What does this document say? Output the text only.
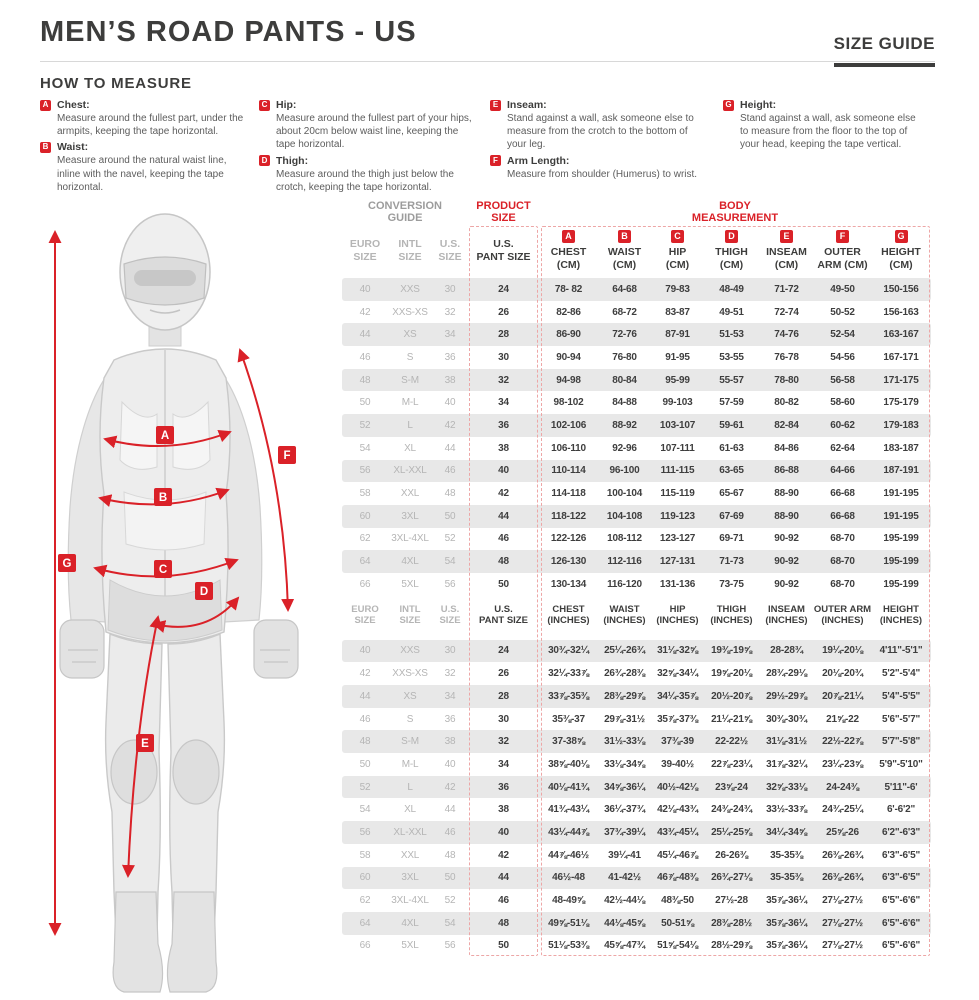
MEN’S ROAD PANTS - US	SIZE GUIDE
HOW TO MEASURE
A Chest:
Measure around the fullest part, under the armpits, keeping the tape horizontal.
B Waist:
Measure around the natural waist line, inline with the navel, keeping the tape horizontal.
C Hip:
Measure around the fullest part of your hips, about 20cm below waist line, keeping the tape horizontal.
D Thigh:
Measure around the thigh just below the crotch, keeping the tape horizontal.
E Inseam:
Stand against a wall, ask someone else to measure from the crotch to the bottom of your leg.
F Arm Length:
Measure from shoulder (Humerus) to wrist.
G Height:
Stand against a wall, ask someone else to measure from the floor to the top of your head, keeping the tape vertical.
A
B
C
D
E
F
G
CONVERSION
GUIDE
PRODUCT
SIZE
BODY
MEASUREMENT
EURO
SIZE
INTL
SIZE
U.S.
SIZE
U.S.
PANT SIZE
A
CHEST
(CM)
B
WAIST
(CM)
C
HIP
(CM)
D
THIGH
(CM)
E
INSEAM
(CM)
F
OUTER
ARM (CM)
G
HEIGHT
(CM)
40	XXS	30	24	78- 82	64-68	79-83	48-49	71-72	49-50	150-156
42	XXS-XS	32	26	82-86	68-72	83-87	49-51	72-74	50-52	156-163
44	XS	34	28	86-90	72-76	87-91	51-53	74-76	52-54	163-167
46	S	36	30	90-94	76-80	91-95	53-55	76-78	54-56	167-171
48	S-M	38	32	94-98	80-84	95-99	55-57	78-80	56-58	171-175
50	M-L	40	34	98-102	84-88	99-103	57-59	80-82	58-60	175-179
52	L	42	36	102-106	88-92	103-107	59-61	82-84	60-62	179-183
54	XL	44	38	106-110	92-96	107-111	61-63	84-86	62-64	183-187
56	XL-XXL	46	40	110-114	96-100	111-115	63-65	86-88	64-66	187-191
58	XXL	48	42	114-118	100-104	115-119	65-67	88-90	66-68	191-195
60	3XL	50	44	118-122	104-108	119-123	67-69	88-90	66-68	191-195
62	3XL-4XL	52	46	122-126	108-112	123-127	69-71	90-92	68-70	195-199
64	4XL	54	48	126-130	112-116	127-131	71-73	90-92	68-70	195-199
66	5XL	56	50	130-134	116-120	131-136	73-75	90-92	68-70	195-199
EURO
SIZE
INTL
SIZE
U.S.
SIZE
U.S.
PANT SIZE
CHEST
(INCHES)
WAIST
(INCHES)
HIP
(INCHES)
THIGH
(INCHES)
INSEAM
(INCHES)
OUTER ARM
(INCHES)
HEIGHT
(INCHES)
40	XXS	30	24	30¾-32¼	25¼-26¾	31⅛-32⅝	19⅜-19⅝	28-28¾	19¼-20⅛	4'11"-5'1"
42	XXS-XS	32	26	32¼-33⅞	26¾-28⅜	32⅝-34¼	19⅝-20⅛	28¾-29⅛	20⅛-20¾	5'2"-5'4"
44	XS	34	28	33⅞-35⅜	28⅜-29⅞	34¼-35⅞	20½-20⅞	29½-29⅞	20⅞-21¼	5'4"-5'5"
46	S	36	30	35⅜-37	29⅞-31½	35⅞-37⅜	21¼-21⅝	30⅜-30¾	21⅝-22	5'6"-5'7"
48	S-M	38	32	37-38⅝	31½-33⅛	37⅜-39	22-22½	31⅛-31½	22½-22⅞	5'7"-5'8"
50	M-L	40	34	38⅝-40⅛	33⅛-34⅝	39-40½	22⅞-23¼	31⅞-32¼	23¼-23⅝	5'9"-5'10"
52	L	42	36	40⅛-41¾	34⅝-36¼	40½-42⅛	23⅝-24	32⅝-33⅛	24-24⅜	5'11"-6'
54	XL	44	38	41¾-43¼	36¼-37¾	42⅛-43¾	24⅜-24¾	33½-33⅞	24¾-25¼	6'-6'2"
56	XL-XXL	46	40	43¼-44⅞	37¾-39¼	43¾-45¼	25¼-25⅝	34¼-34⅝	25⅝-26	6'2"-6'3"
58	XXL	48	42	44⅞-46½	39¼-41	45¼-46⅞	26-26⅜	35-35⅜	26⅜-26¾	6'3"-6'5"
60	3XL	50	44	46½-48	41-42½	46⅞-48⅜	26¾-27⅛	35-35⅜	26⅜-26¾	6'3"-6'5"
62	3XL-4XL	52	46	48-49⅝	42½-44⅛	48⅜-50	27½-28	35⅞-36¼	27⅛-27½	6'5"-6'6"
64	4XL	54	48	49⅝-51⅛	44⅛-45⅝	50-51⅝	28⅜-28½	35⅞-36¼	27⅛-27½	6'5"-6'6"
66	5XL	56	50	51⅛-53⅜	45⅝-47¾	51⅝-54⅛	28½-29⅞	35⅞-36¼	27⅛-27½	6'5"-6'6"
